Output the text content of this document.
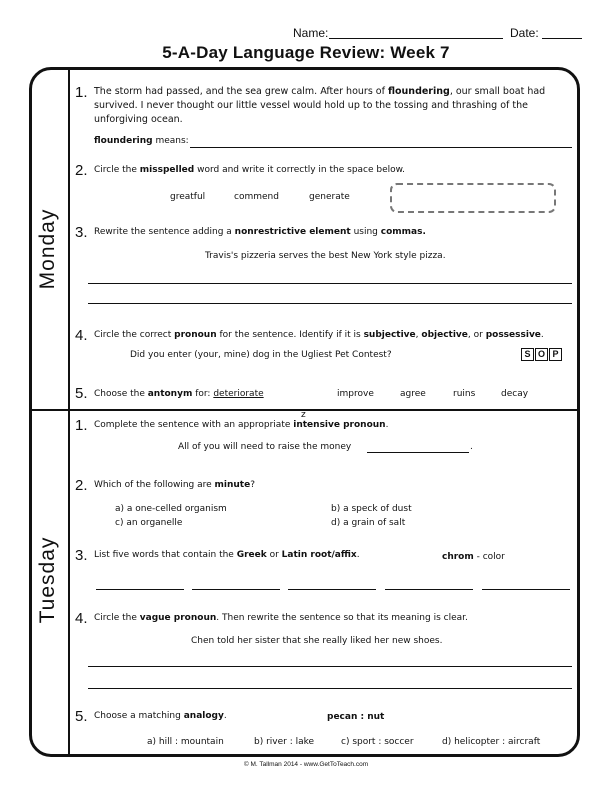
Name:	Date:
5-A-Day Language Review: Week 7
Monday
Tuesday
1. The storm had passed, and the sea grew calm. After hours of floundering, our small boat had
survived. I never thought our little vessel would hold up to the tossing and thrashing of the
unforgiving ocean.
floundering means:
2. Circle the misspelled word and write it correctly in the space below.
greatful	commend	generate
3. Rewrite the sentence adding a nonrestrictive element using commas.
Travis's pizzeria serves the best New York style pizza.
4. Circle the correct pronoun for the sentence. Identify if it is subjective, objective, or possessive.
Did you enter (your, mine) dog in the Ugliest Pet Contest?	S O P
5. Choose the antonym for: deteriorate	improve	agree	ruins	decay
1.
z
Complete the sentence with an appropriate intensive pronoun.
All of you will need to raise the money	.
2. Which of the following are minute?
a) a one-celled organism	b) a speck of dust
c) an organelle	d) a grain of salt
3. List five words that contain the Greek or Latin root/affix.	chrom - color
4. Circle the vague pronoun. Then rewrite the sentence so that its meaning is clear.
Chen told her sister that she really liked her new shoes.
5. Choose a matching analogy.	pecan : nut
a) hill : mountain	b) river : lake	c) sport : soccer	d) helicopter : aircraft
© M. Tallman 2014 - www.GetToTeach.com
